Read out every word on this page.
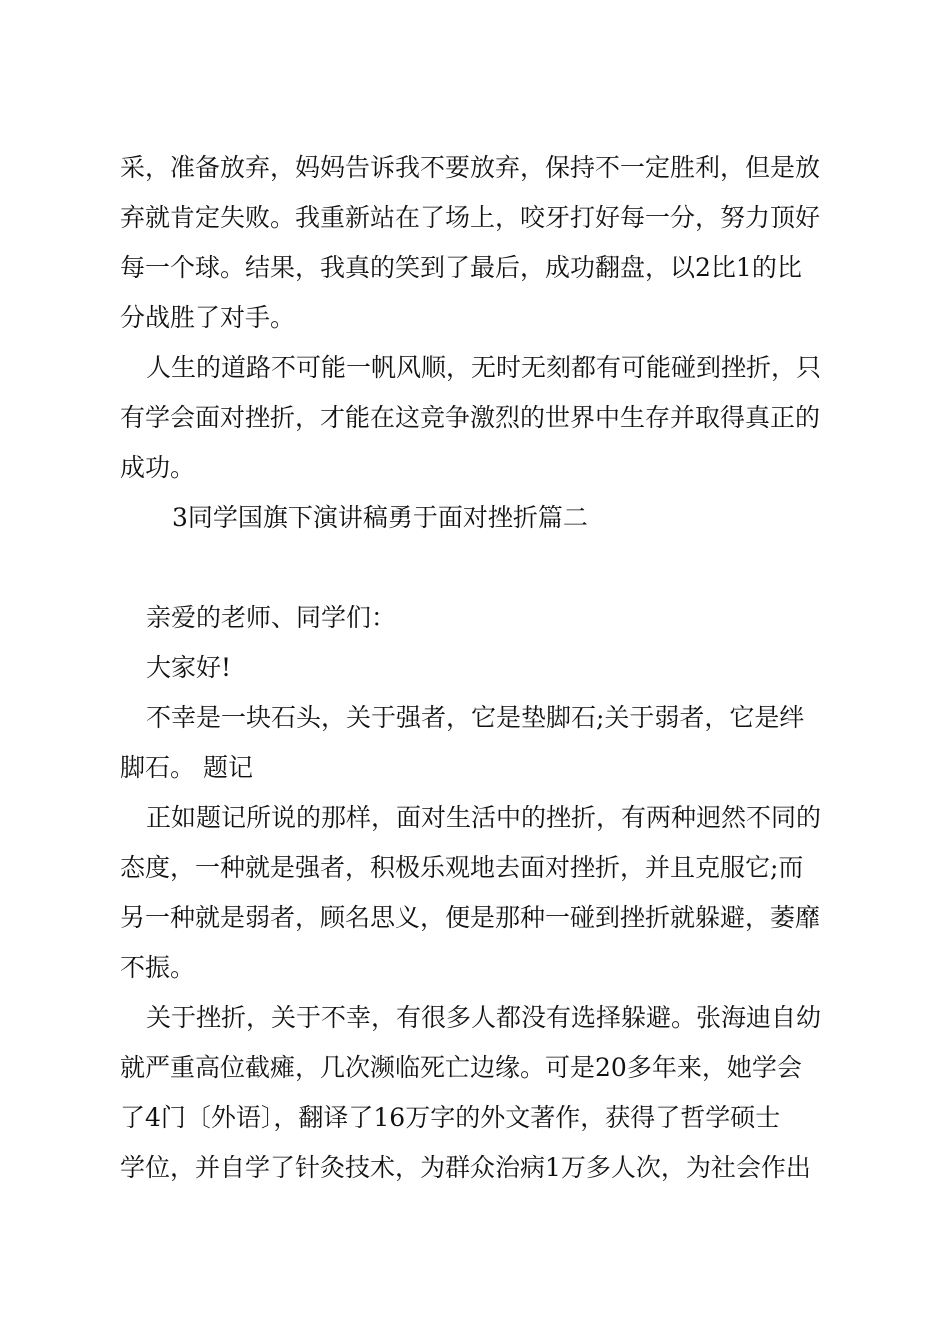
采，准备放弃，妈妈告诉我不要放弃，保持不一定胜利，但是放
弃就肯定失败。我重新站在了场上，咬牙打好每一分，努力顶好
每一个球。结果，我真的笑到了最后，成功翻盘，以2比1的比
分战胜了对手。
人生的道路不可能一帆风顺，无时无刻都有可能碰到挫折，只
有学会面对挫折，才能在这竞争激烈的世界中生存并取得真正的
成功。
3同学国旗下演讲稿勇于面对挫折篇二
亲爱的老师、同学们：
大家好!
不幸是一块石头，关于强者，它是垫脚石;关于弱者，它是绊
脚石。 题记
正如题记所说的那样，面对生活中的挫折，有两种迥然不同的
态度，一种就是强者，积极乐观地去面对挫折，并且克服它;而
另一种就是弱者，顾名思义，便是那种一碰到挫折就躲避，萎靡
不振。
关于挫折，关于不幸，有很多人都没有选择躲避。张海迪自幼
就严重高位截瘫，几次濒临死亡边缘。可是20多年来，她学会
了4门〔外语〕，翻译了16万字的外文著作，获得了哲学硕士
学位，并自学了针灸技术，为群众治病1万多人次，为社会作出
